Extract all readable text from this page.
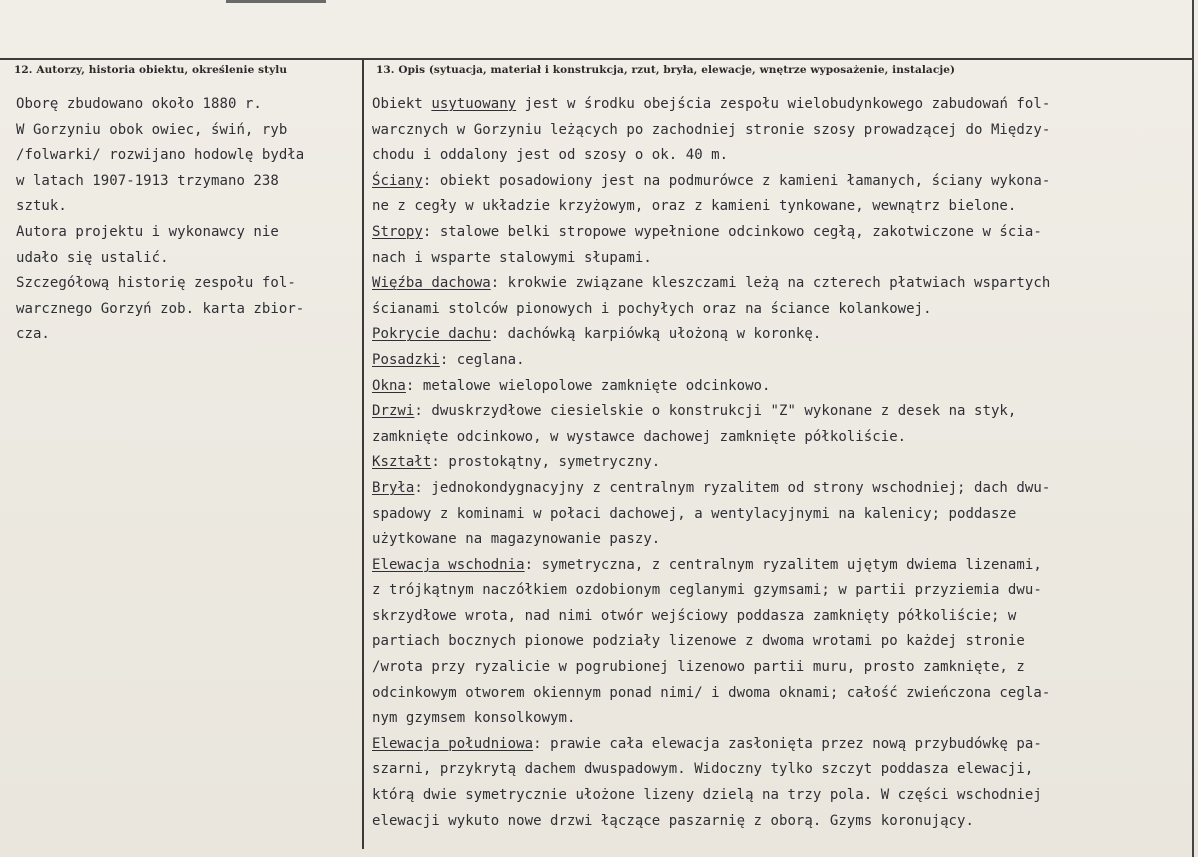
12. Autorzy, historia obiektu, określenie stylu	13. Opis (sytuacja, materiał i konstrukcja, rzut, bryła, elewacje, wnętrze wyposażenie, instalacje)
Oborę zbudowano około 1880 r.
W Gorzyniu obok owiec, świń, ryb
/folwarki/ rozwijano hodowlę bydła
w latach 1907-1913 trzymano 238
sztuk.
Autora projektu i wykonawcy nie
udało się ustalić.
Szczegółową historię zespołu fol-
warcznego Gorzyń zob. karta zbior-
cza.
Obiekt usytuowany jest w środku obejścia zespołu wielobudynkowego zabudowań fol-
warcznych w Gorzyniu leżących po zachodniej stronie szosy prowadzącej do Między-
chodu i oddalony jest od szosy o ok. 40 m.
Ściany: obiekt posadowiony jest na podmurówce z kamieni łamanych, ściany wykona-
ne z cegły w układzie krzyżowym, oraz z kamieni tynkowane, wewnątrz bielone.
Stropy: stalowe belki stropowe wypełnione odcinkowo cegłą, zakotwiczone w ścia-
nach i wsparte stalowymi słupami.
Więźba dachowa: krokwie związane kleszczami leżą na czterech płatwiach wspartych
ścianami stolców pionowych i pochyłych oraz na ściance kolankowej.
Pokrycie dachu: dachówką karpiówką ułożoną w koronkę.
Posadzki: ceglana.
Okna: metalowe wielopolowe zamknięte odcinkowo.
Drzwi: dwuskrzydłowe ciesielskie o konstrukcji "Z" wykonane z desek na styk,
zamknięte odcinkowo, w wystawce dachowej zamknięte półkoliście.
Kształt: prostokątny, symetryczny.
Bryła: jednokondygnacyjny z centralnym ryzalitem od strony wschodniej; dach dwu-
spadowy z kominami w połaci dachowej, a wentylacyjnymi na kalenicy; poddasze
użytkowane na magazynowanie paszy.
Elewacja wschodnia: symetryczna, z centralnym ryzalitem ujętym dwiema lizenami,
z trójkątnym naczółkiem ozdobionym ceglanymi gzymsami; w partii przyziemia dwu-
skrzydłowe wrota, nad nimi otwór wejściowy poddasza zamknięty półkoliście; w
partiach bocznych pionowe podziały lizenowe z dwoma wrotami po każdej stronie
/wrota przy ryzalicie w pogrubionej lizenowo partii muru, prosto zamknięte, z
odcinkowym otworem okiennym ponad nimi/ i dwoma oknami; całość zwieńczona cegla-
nym gzymsem konsolkowym.
Elewacja południowa: prawie cała elewacja zasłonięta przez nową przybudówkę pa-
szarni, przykrytą dachem dwuspadowym. Widoczny tylko szczyt poddasza elewacji,
którą dwie symetrycznie ułożone lizeny dzielą na trzy pola. W części wschodniej
elewacji wykuto nowe drzwi łączące paszarnię z oborą. Gzyms koronujący.
